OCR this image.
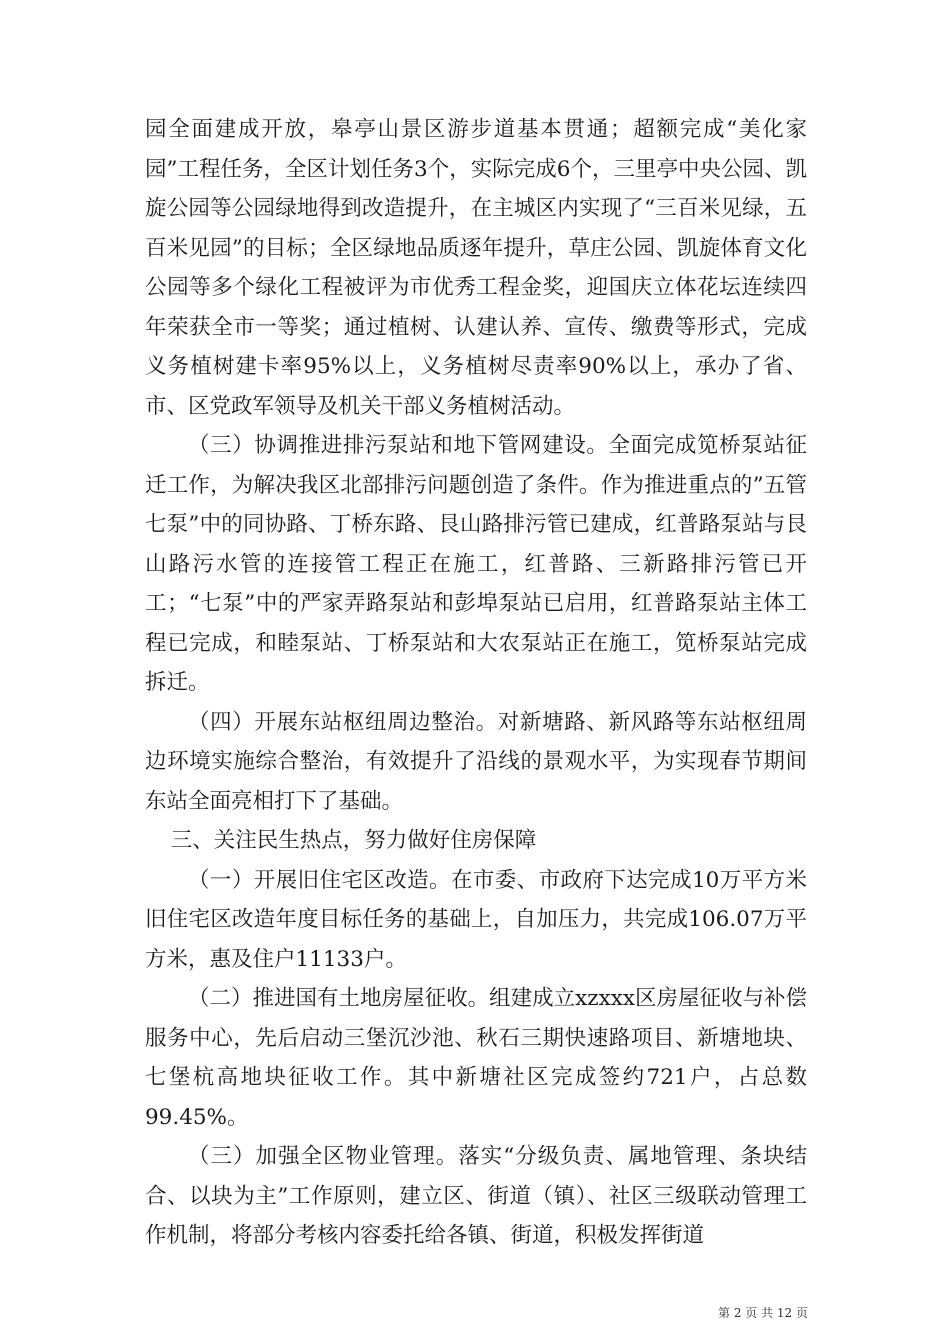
园全面建成开放，皋亭山景区游步道基本贯通；超额完成“美化家园”工程任务，全区计划任务3个，实际完成6个，三里亭中央公园、凯旋公园等公园绿地得到改造提升，在主城区内实现了“三百米见绿，五百米见园”的目标；全区绿地品质逐年提升，草庄公园、凯旋体育文化公园等多个绿化工程被评为市优秀工程金奖，迎国庆立体花坛连续四年荣获全市一等奖；通过植树、认建认养、宣传、缴费等形式，完成义务植树建卡率95%以上，义务植树尽责率90%以上，承办了省、市、区党政军领导及机关干部义务植树活动。

（三）协调推进排污泵站和地下管网建设。全面完成笕桥泵站征迁工作，为解决我区北部排污问题创造了条件。作为推进重点的”五管七泵”中的同协路、丁桥东路、艮山路排污管已建成，红普路泵站与艮山路污水管的连接管工程正在施工，红普路、三新路排污管已开工；“七泵”中的严家弄路泵站和彭埠泵站已启用，红普路泵站主体工程已完成，和睦泵站、丁桥泵站和大农泵站正在施工，笕桥泵站完成拆迁。

（四）开展东站枢纽周边整治。对新塘路、新风路等东站枢纽周边环境实施综合整治，有效提升了沿线的景观水平，为实现春节期间东站全面亮相打下了基础。

三、关注民生热点，努力做好住房保障

（一）开展旧住宅区改造。在市委、市政府下达完成10万平方米旧住宅区改造年度目标任务的基础上，自加压力，共完成106.07万平方米，惠及住户11133户。

（二）推进国有土地房屋征收。组建成立xzxxx区房屋征收与补偿服务中心，先后启动三堡沉沙池、秋石三期快速路项目、新塘地块、七堡杭高地块征收工作。其中新塘社区完成签约721户，占总数99.45%。

（三）加强全区物业管理。落实“分级负责、属地管理、条块结合、以块为主”工作原则，建立区、街道（镇）、社区三级联动管理工作机制，将部分考核内容委托给各镇、街道，积极发挥街道

第 2 页 共 12 页
